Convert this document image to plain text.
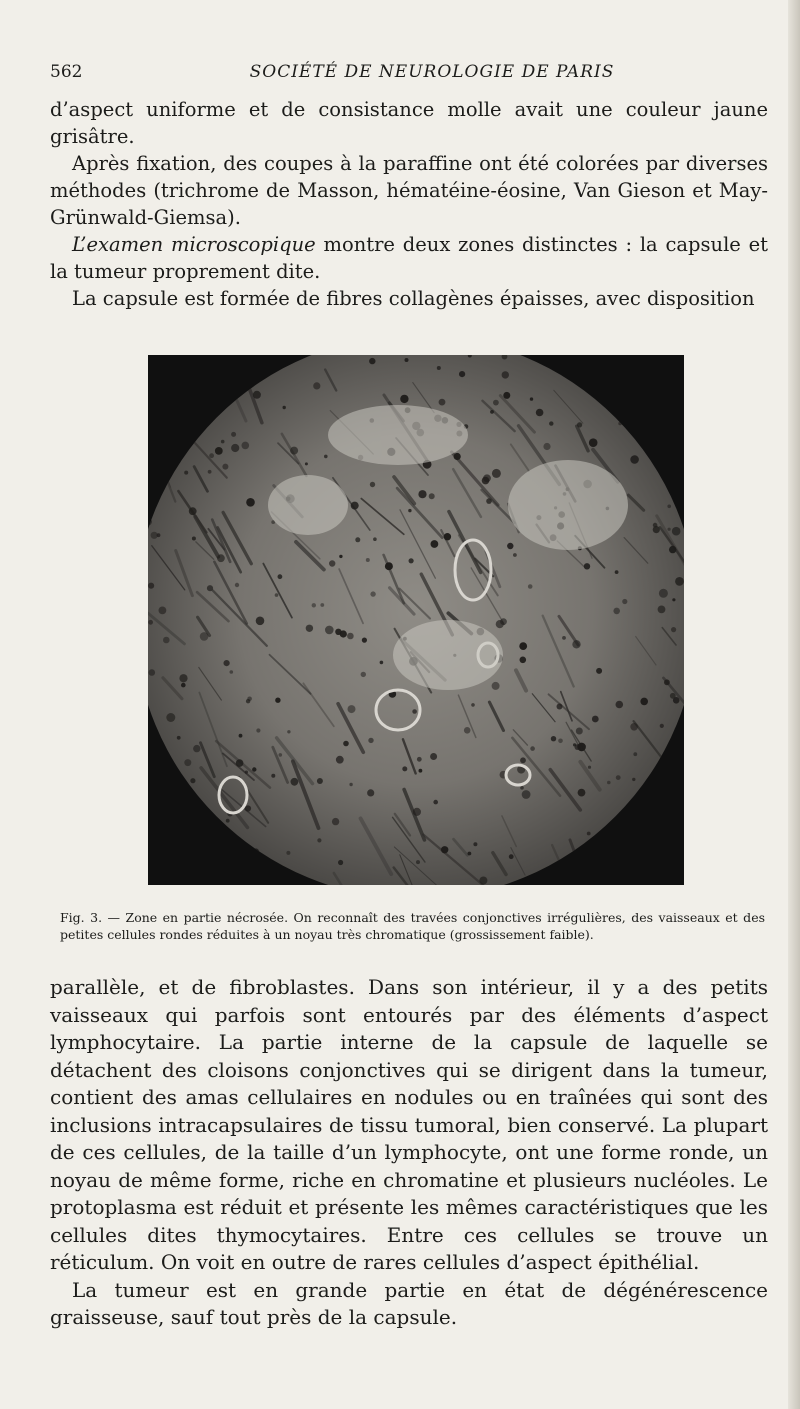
562	SOCIÉTÉ DE NEUROLOGIE DE PARIS

d’aspect uniforme et de consistance molle avait une couleur jaune grisâtre.

Après fixation, des coupes à la paraffine ont été colorées par diverses méthodes (trichrome de Masson, hématéine-éosine, Van Gieson et May-Grünwald-Giemsa).

L’examen microscopique montre deux zones distinctes : la capsule et la tumeur proprement dite.

La capsule est formée de fibres collagènes épaisses, avec disposition

Fig. 3. — Zone en partie nécrosée. On reconnaît des travées conjonctives irrégulières, des vaisseaux et des petites cellules rondes réduites à un noyau très chromatique (grossissement faible).

parallèle, et de fibroblastes. Dans son intérieur, il y a des petits vaisseaux qui parfois sont entourés par des éléments d’aspect lymphocytaire. La partie interne de la capsule de laquelle se détachent des cloisons conjonctives qui se dirigent dans la tumeur, contient des amas cellulaires en nodules ou en traînées qui sont des inclusions intracapsulaires de tissu tumoral, bien conservé. La plupart de ces cellules, de la taille d’un lymphocyte, ont une forme ronde, un noyau de même forme, riche en chromatine et plusieurs nucléoles. Le protoplasma est réduit et présente les mêmes caractéristiques que les cellules dites thymocytaires. Entre ces cellules se trouve un réticulum. On voit en outre de rares cellules d’aspect épithélial.

La tumeur est en grande partie en état de dégénérescence graisseuse, sauf tout près de la capsule.
